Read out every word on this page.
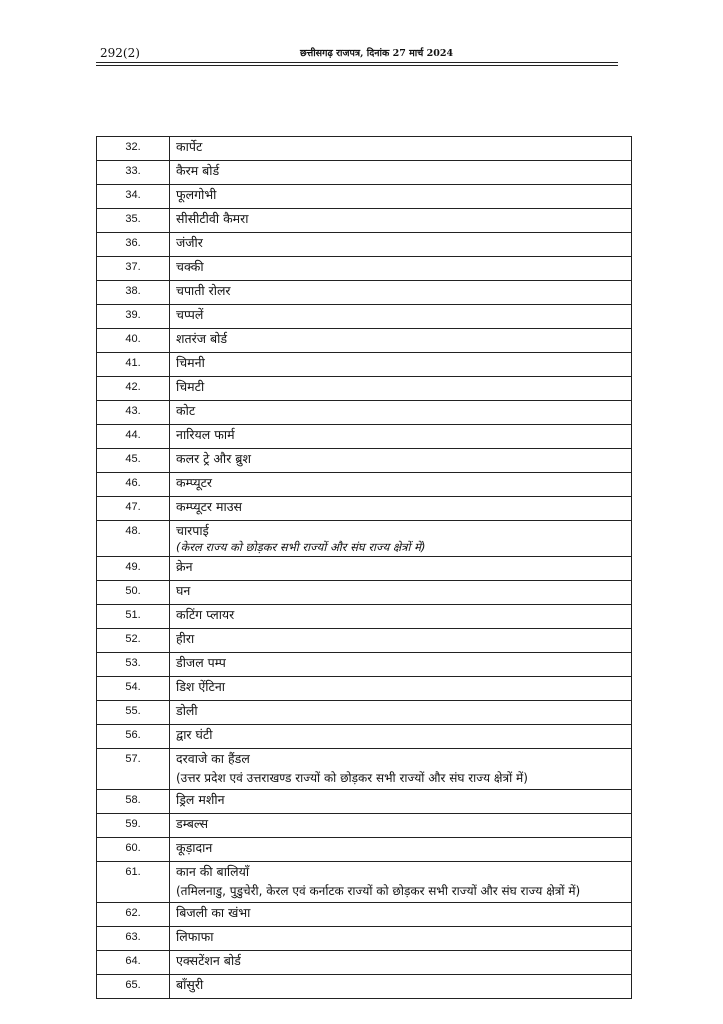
292(2)	छत्तीसगढ़ राजपत्र, दिनांक 27 मार्च 2024
32.	कार्पेट
33.	कैरम बोर्ड
34.	फूलगोभी
35.	सीसीटीवी कैमरा
36.	जंजीर
37.	चक्की
38.	चपाती रोलर
39.	चप्पलें
40.	शतरंज बोर्ड
41.	चिमनी
42.	चिमटी
43.	कोट
44.	नारियल फार्म
45.	कलर ट्रे और ब्रुश
46.	कम्प्यूटर
47.	कम्प्यूटर माउस
48.	चारपाई
(केरल राज्य को छोड़कर सभी राज्यों और संघ राज्य क्षेत्रों में)

49.	क्रेन
50.	घन
51.	कटिंग प्लायर
52.	हीरा
53.	डीजल पम्प
54.	डिश ऐंटिना
55.	डोली
56.	द्वार घंटी
57.	दरवाजे का हैंडल
(उत्तर प्रदेश एवं उत्तराखण्ड राज्यों को छोड़कर सभी राज्यों और संघ राज्य क्षेत्रों में)

58.	ड्रिल मशीन
59.	डम्बल्स
60.	कूड़ादान
61.	कान की बालियाँ
(तमिलनाडु, पुडुचेरी, केरल एवं कर्नाटक राज्यों को छोड़कर सभी राज्यों और संघ राज्य क्षेत्रों में)

62.	बिजली का खंभा
63.	लिफाफा
64.	एक्सटेंशन बोर्ड
65.	बाँसुरी
